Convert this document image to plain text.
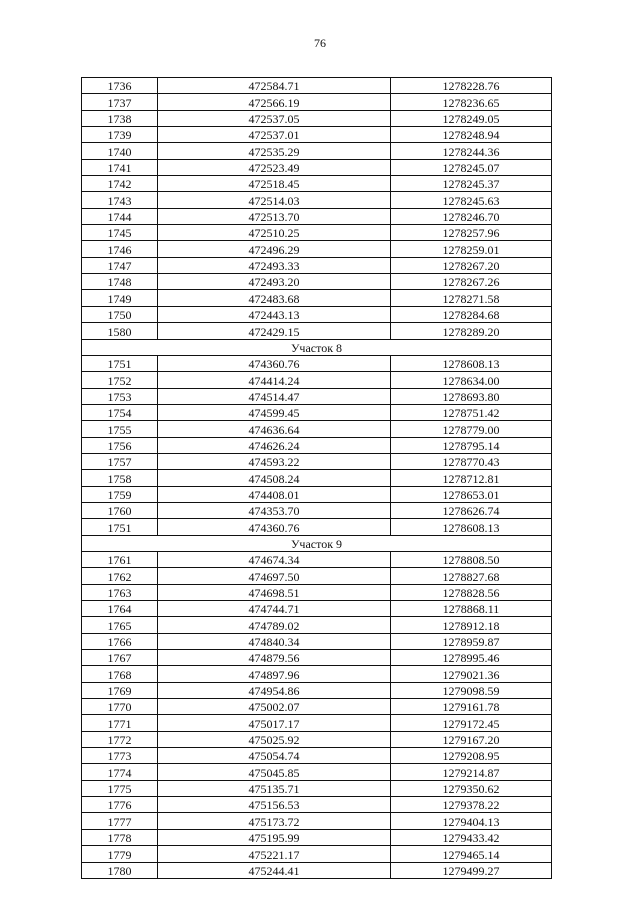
76
1736	472584.71	1278228.76
1737	472566.19	1278236.65
1738	472537.05	1278249.05
1739	472537.01	1278248.94
1740	472535.29	1278244.36
1741	472523.49	1278245.07
1742	472518.45	1278245.37
1743	472514.03	1278245.63
1744	472513.70	1278246.70
1745	472510.25	1278257.96
1746	472496.29	1278259.01
1747	472493.33	1278267.20
1748	472493.20	1278267.26
1749	472483.68	1278271.58
1750	472443.13	1278284.68
1580	472429.15	1278289.20
Участок 8		
1751	474360.76	1278608.13
1752	474414.24	1278634.00
1753	474514.47	1278693.80
1754	474599.45	1278751.42
1755	474636.64	1278779.00
1756	474626.24	1278795.14
1757	474593.22	1278770.43
1758	474508.24	1278712.81
1759	474408.01	1278653.01
1760	474353.70	1278626.74
1751	474360.76	1278608.13
Участок 9		
1761	474674.34	1278808.50
1762	474697.50	1278827.68
1763	474698.51	1278828.56
1764	474744.71	1278868.11
1765	474789.02	1278912.18
1766	474840.34	1278959.87
1767	474879.56	1278995.46
1768	474897.96	1279021.36
1769	474954.86	1279098.59
1770	475002.07	1279161.78
1771	475017.17	1279172.45
1772	475025.92	1279167.20
1773	475054.74	1279208.95
1774	475045.85	1279214.87
1775	475135.71	1279350.62
1776	475156.53	1279378.22
1777	475173.72	1279404.13
1778	475195.99	1279433.42
1779	475221.17	1279465.14
1780	475244.41	1279499.27
